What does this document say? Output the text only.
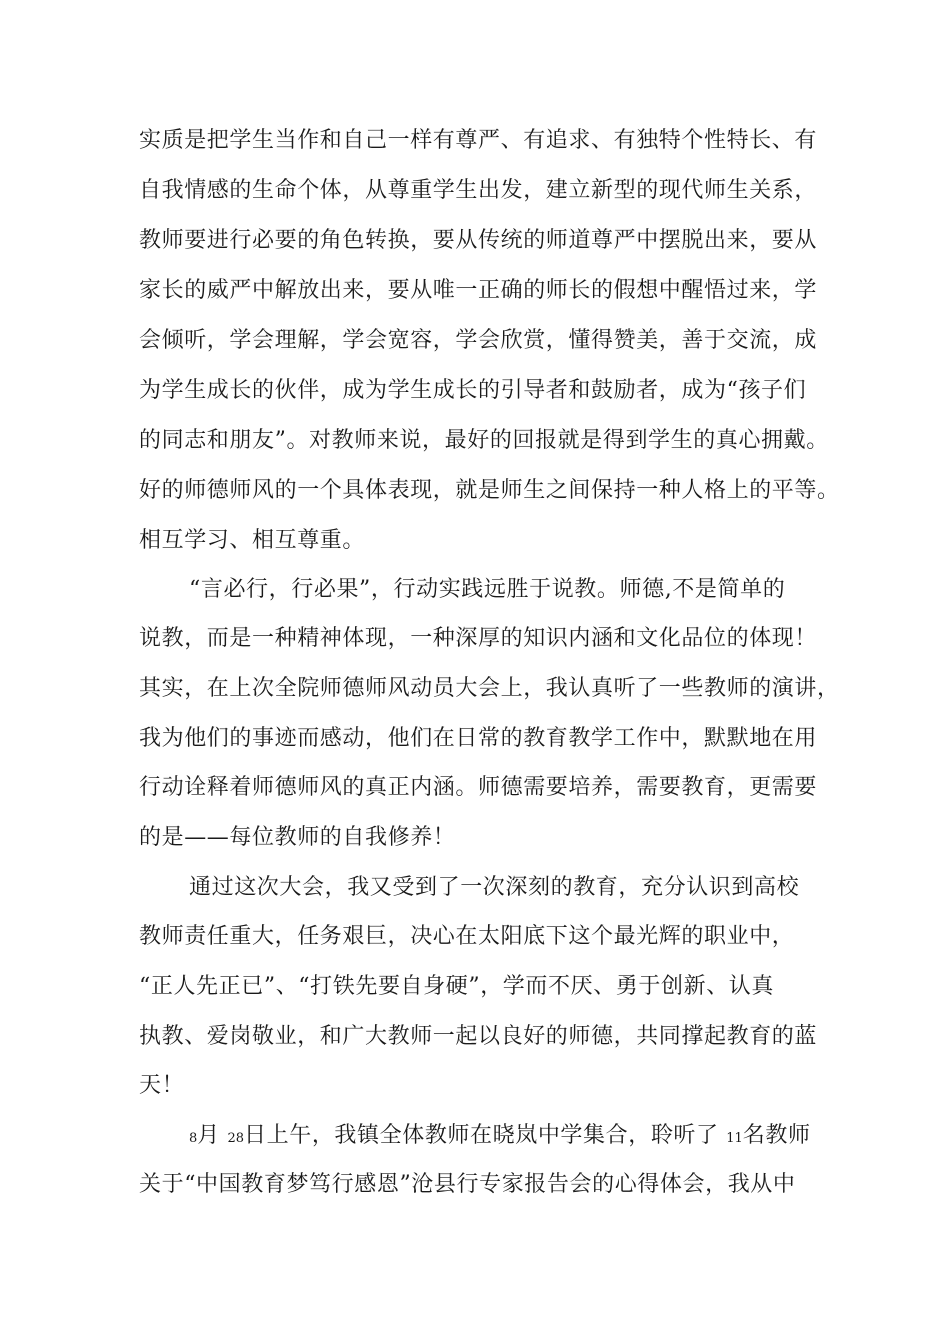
实质是把学生当作和自己一样有尊严、有追求、有独特个性特长、有
自我情感的生命个体，从尊重学生出发，建立新型的现代师生关系，
教师要进行必要的角色转换，要从传统的师道尊严中摆脱出来，要从
家长的威严中解放出来，要从唯一正确的师长的假想中醒悟过来，学
会倾听，学会理解，学会宽容，学会欣赏，懂得赞美，善于交流，成
为学生成长的伙伴，成为学生成长的引导者和鼓励者，成为“孩子们
的同志和朋友”。对教师来说，最好的回报就是得到学生的真心拥戴。
好的师德师风的一个具体表现，就是师生之间保持一种人格上的平等。
相互学习、相互尊重。
“言必行，行必果”，行动实践远胜于说教。师德,不是简单的
说教，而是一种精神体现，一种深厚的知识内涵和文化品位的体现！
其实，在上次全院师德师风动员大会上，我认真听了一些教师的演讲，
我为他们的事迹而感动，他们在日常的教育教学工作中，默默地在用
行动诠释着师德师风的真正内涵。师德需要培养，需要教育，更需要
的是——每位教师的自我修养！
通过这次大会，我又受到了一次深刻的教育，充分认识到高校
教师责任重大，任务艰巨，决心在太阳底下这个最光辉的职业中，
“正人先正已”、“打铁先要自身硬”，学而不厌、勇于创新、认真
执教、爱岗敬业，和广大教师一起以良好的师德，共同撑起教育的蓝
天！
8月 28日上午，我镇全体教师在晓岚中学集合，聆听了 11名教师
关于“中国教育梦笃行感恩”沧县行专家报告会的心得体会，我从中
